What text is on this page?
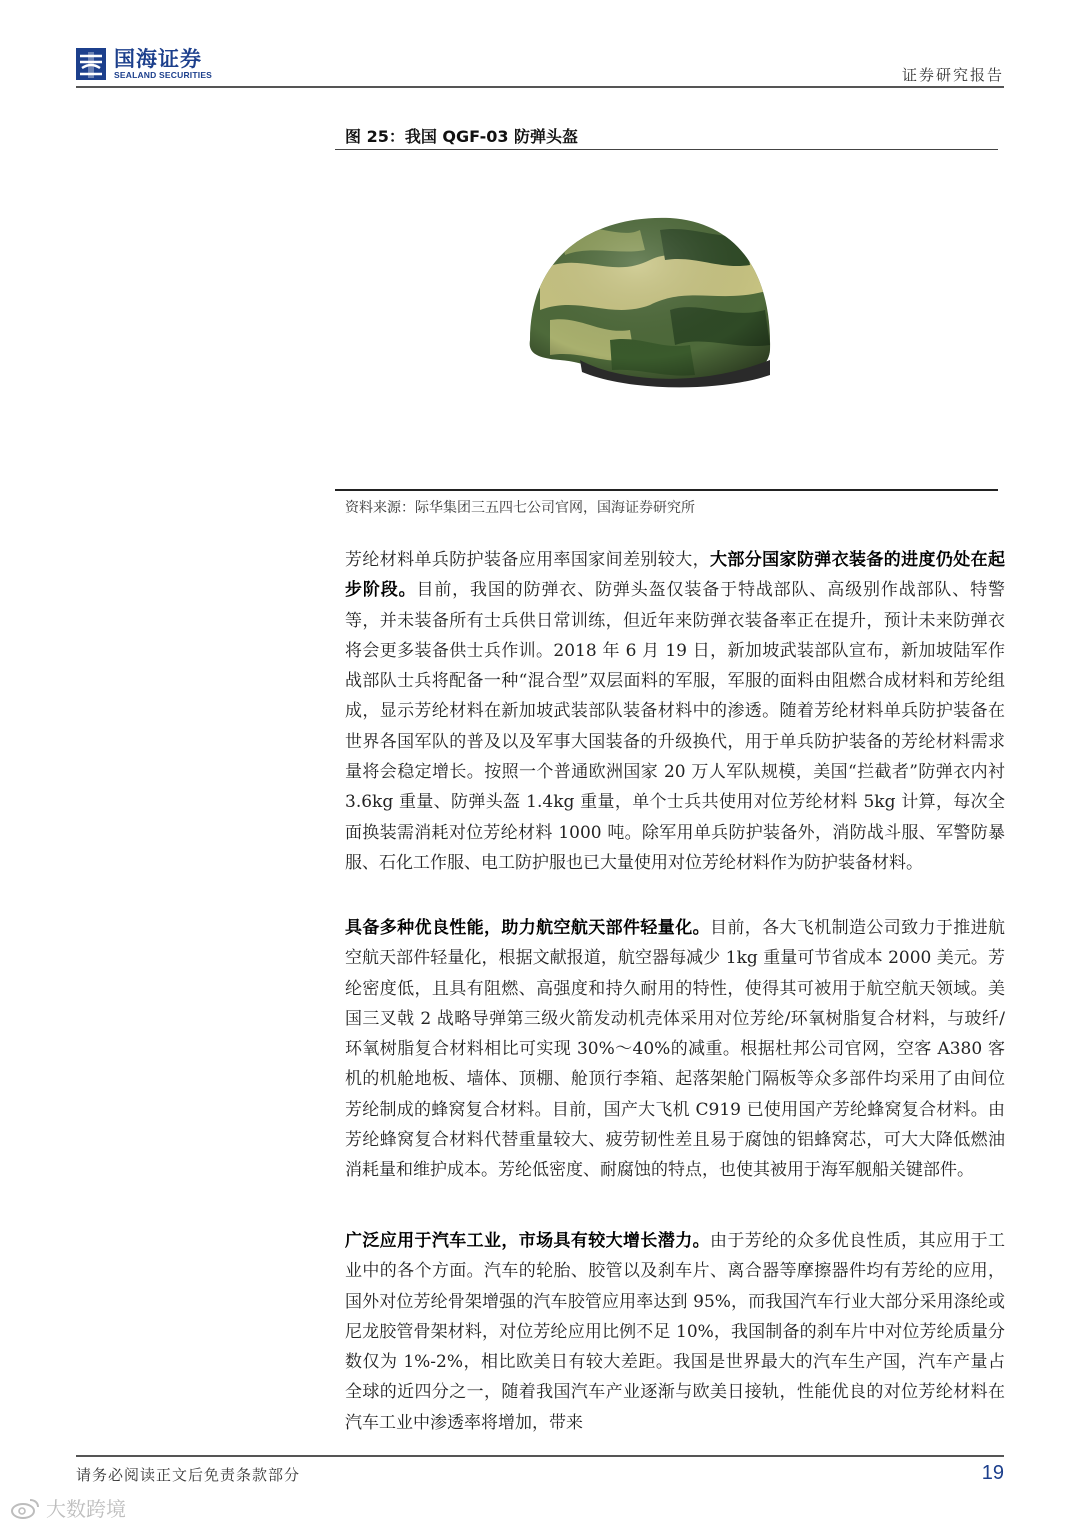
国海证券
SEALAND SECURITIES	证券研究报告
图 25：我国 QGF-03 防弹头盔
资料来源：际华集团三五四七公司官网，国海证券研究所
芳纶材料单兵防护装备应用率国家间差别较大，大部分国家防弹衣装备的进度仍处在起步阶段。目前，我国的防弹衣、防弹头盔仅装备于特战部队、高级别作战部队、特警等，并未装备所有士兵供日常训练，但近年来防弹衣装备率正在提升，预计未来防弹衣将会更多装备供士兵作训。2018 年 6 月 19 日，新加坡武装部队宣布，新加坡陆军作战部队士兵将配备一种“混合型”双层面料的军服，军服的面料由阻燃合成材料和芳纶组成，显示芳纶材料在新加坡武装部队装备材料中的渗透。随着芳纶材料单兵防护装备在世界各国军队的普及以及军事大国装备的升级换代，用于单兵防护装备的芳纶材料需求量将会稳定增长。按照一个普通欧洲国家 20 万人军队规模，美国“拦截者”防弹衣内衬 3.6kg 重量、防弹头盔 1.4kg 重量，单个士兵共使用对位芳纶材料 5kg 计算，每次全面换装需消耗对位芳纶材料 1000 吨。除军用单兵防护装备外，消防战斗服、军警防暴服、石化工作服、电工防护服也已大量使用对位芳纶材料作为防护装备材料。
具备多种优良性能，助力航空航天部件轻量化。目前，各大飞机制造公司致力于推进航空航天部件轻量化，根据文献报道，航空器每减少 1kg 重量可节省成本 2000 美元。芳纶密度低，且具有阻燃、高强度和持久耐用的特性，使得其可被用于航空航天领域。美国三叉戟 2 战略导弹第三级火箭发动机壳体采用对位芳纶/环氧树脂复合材料，与玻纤/环氧树脂复合材料相比可实现 30%～40%的减重。根据杜邦公司官网，空客 A380 客机的机舱地板、墙体、顶棚、舱顶行李箱、起落架舱门隔板等众多部件均采用了由间位芳纶制成的蜂窝复合材料。目前，国产大飞机 C919 已使用国产芳纶蜂窝复合材料。由芳纶蜂窝复合材料代替重量较大、疲劳韧性差且易于腐蚀的铝蜂窝芯，可大大降低燃油消耗量和维护成本。芳纶低密度、耐腐蚀的特点，也使其被用于海军舰船关键部件。
广泛应用于汽车工业，市场具有较大增长潜力。由于芳纶的众多优良性质，其应用于工业中的各个方面。汽车的轮胎、胶管以及刹车片、离合器等摩擦器件均有芳纶的应用，国外对位芳纶骨架增强的汽车胶管应用率达到 95%，而我国汽车行业大部分采用涤纶或尼龙胶管骨架材料，对位芳纶应用比例不足 10%，我国制备的刹车片中对位芳纶质量分数仅为 1%-2%，相比欧美日有较大差距。我国是世界最大的汽车生产国，汽车产量占全球的近四分之一，随着我国汽车产业逐渐与欧美日接轨，性能优良的对位芳纶材料在汽车工业中渗透率将增加，带来
请务必阅读正文后免责条款部分	19
大数跨境
